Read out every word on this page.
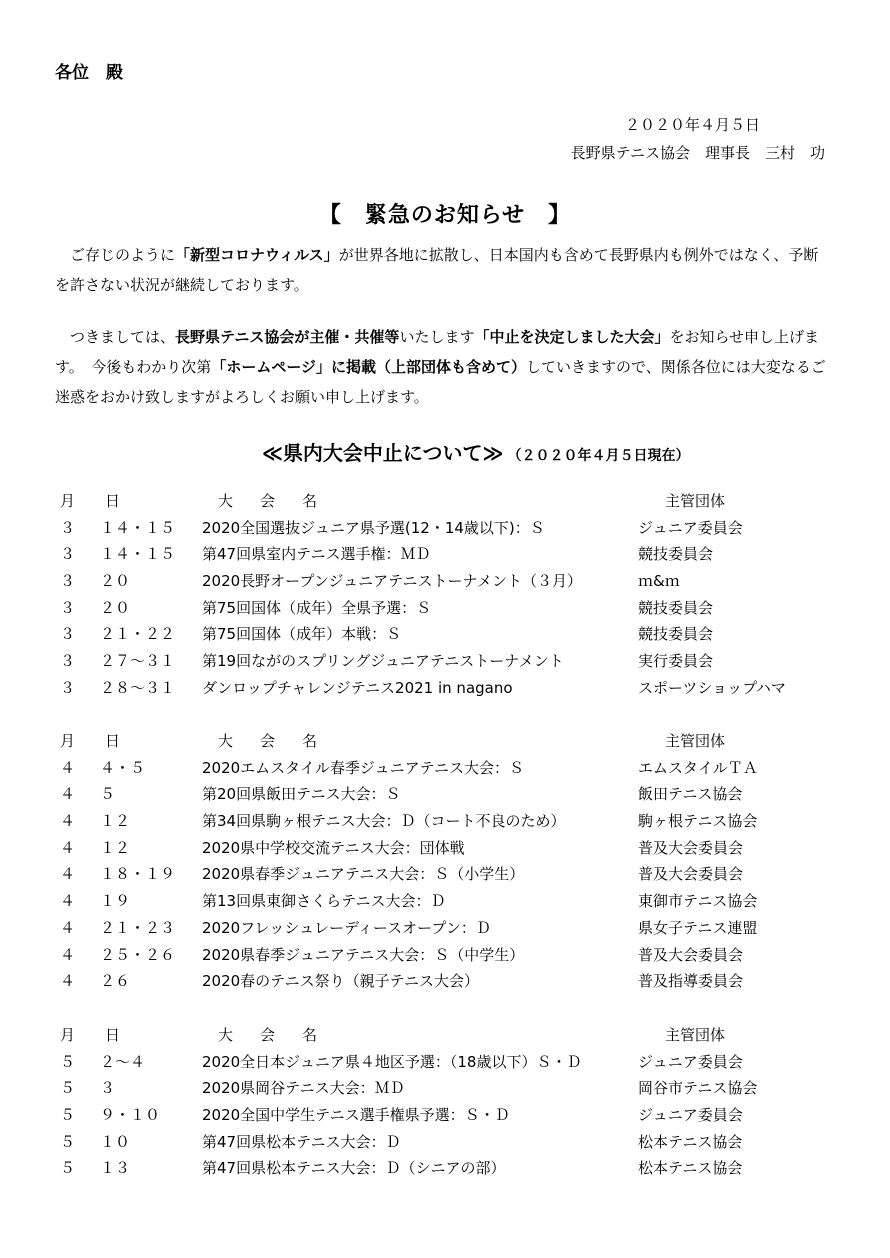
各位　殿
２０２０年４月５日
長野県テニス協会　理事長　三村　功
【　緊急のお知らせ　】
　ご存じのように「新型コロナウィルス」が世界各地に拡散し、日本国内も含めて長野県内も例外ではなく、予断を許さない状況が継続しております。
　つきましては、長野県テニス協会が主催・共催等いたします「中止を決定しました大会」をお知らせ申し上げます。　今後もわかり次第「ホームページ」に掲載（上部団体も含めて）していきますので、関係各位には大変なるご迷惑をおかけ致しますがよろしくお願い申し上げます。
≪県内大会中止について≫ （２０２０年４月５日現在）
月 日	大　会　名	主管団体
３ １４・１５ 2020全国選抜ジュニア県予選(12・14歳以下)：Ｓ	ジュニア委員会
３ １４・１５ 第47回県室内テニス選手権：ＭＤ	競技委員会
３ ２０	2020長野オープンジュニアテニストーナメント（３月）	ｍ&ｍ
３ ２０	第75回国体（成年）全県予選：Ｓ	競技委員会
３ ２１・２２ 第75回国体（成年）本戦：Ｓ	競技委員会
３ ２７～３１ 第19回ながのスプリングジュニアテニストーナメント	実行委員会
３ ２８～３１ ダンロップチャレンジテニス2021 in nagano	スポーツショップハマ
月 日	大　会　名	主管団体
４ ４・５	2020エムスタイル春季ジュニアテニス大会：Ｓ	エムスタイルＴＡ
４ ５	第20回県飯田テニス大会：Ｓ	飯田テニス協会
４ １２	第34回県駒ヶ根テニス大会：Ｄ（コート不良のため）	駒ヶ根テニス協会
４ １２	2020県中学校交流テニス大会：団体戦	普及大会委員会
４ １８・１９ 2020県春季ジュニアテニス大会：Ｓ（小学生）	普及大会委員会
４ １９	第13回県東御さくらテニス大会：Ｄ	東御市テニス協会
４ ２１・２３ 2020フレッシュレーディースオープン：Ｄ	県女子テニス連盟
４ ２５・２６ 2020県春季ジュニアテニス大会：Ｓ（中学生）	普及大会委員会
４ ２６	2020春のテニス祭り（親子テニス大会）	普及指導委員会
月 日	大　会　名	主管団体
５ ２～４	2020全日本ジュニア県４地区予選：（18歳以下）Ｓ・Ｄ	ジュニア委員会
５ ３	2020県岡谷テニス大会：ＭＤ	岡谷市テニス協会
５ ９・１０	2020全国中学生テニス選手権県予選：Ｓ・Ｄ	ジュニア委員会
５ １０	第47回県松本テニス大会：Ｄ	松本テニス協会
５ １３	第47回県松本テニス大会：Ｄ（シニアの部）	松本テニス協会
